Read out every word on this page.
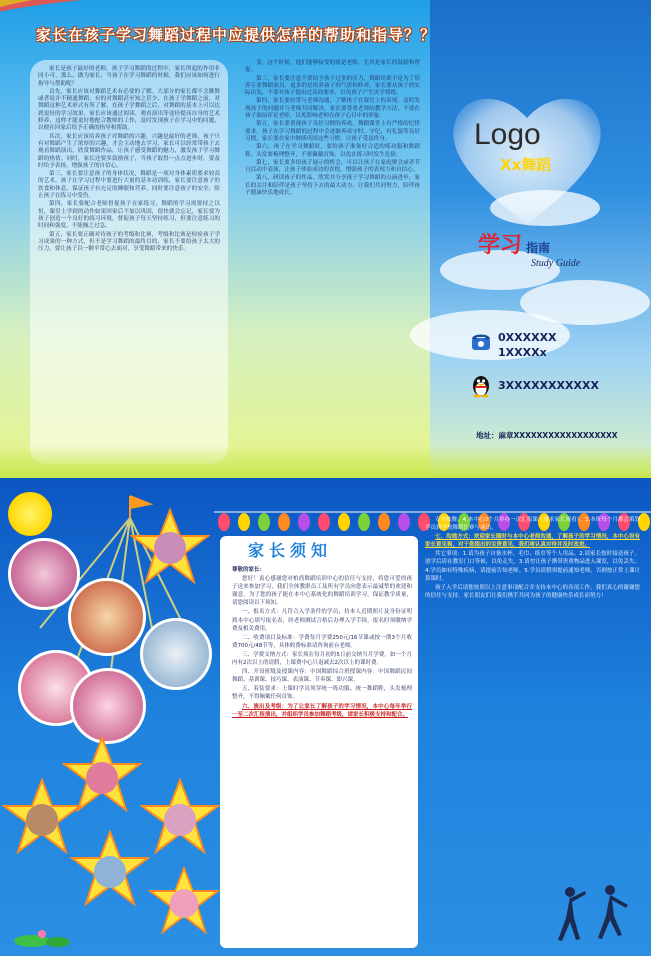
家长在孩子学习舞蹈过程中应提供怎样的帮助和指导？？

家长是孩子最好的老师，孩子学习舞蹈的过程中，家长所起的作用非同小可，那么，做为家长，当孩子在学习舞蹈的时候，我们应该如何进行指导与帮助呢？

首先，家长应该对舞蹈艺术有必要的了解。大部分的家长都不会跳舞或者说并不精通舞蹈，有的对舞蹈甚至知之甚少，在孩子学舞蹈之前，对舞蹈这种艺术形式有所了解，在孩子学舞蹈之后，对舞蹈的基本上可以达到更好的学习效果，家长应该通过阅读、观看演出等途径提高自身的艺术修养，这样才能更好地配合教师的工作，及时发现孩子在学习中的问题，以便在回家后给予正确的指导和帮助。

其次，家长应该培养孩子对舞蹈的兴趣，兴趣是最好的老师，孩子只有对舞蹈产生了浓厚的兴趣，才会主动地去学习，家长可以经常带孩子去观看舞蹈演出，欣赏舞蹈作品，让孩子感受舞蹈的魅力，激发孩子学习舞蹈的热情。同时，家长还要多鼓励孩子，当孩子取得一点点进步时，要及时给予表扬，增强孩子的自信心。

第三，家长要注意孩子的身体状况，舞蹈是一项对身体素质要求较高的艺术，孩子在学习过程中要进行大量的基本功训练，家长要注意孩子的饮食和休息，保证孩子有充足的睡眠和营养，同时要注意孩子的安全，防止孩子在练习中受伤。

第四，家长要配合老师督促孩子在家练习，舞蹈的学习需要持之以恒，课堂上学到的动作如果回家后不加以巩固，很快就会忘记，家长要为孩子创造一个良好的练习环境，督促孩子每天坚持练习，但要注意练习的时间和强度，不能操之过急。

第五，家长要正确对待孩子的考级和比赛，考级和比赛是检验孩子学习成果的一种方式，但不是学习舞蹈的最终目的，家长不要给孩子太大的压力，要让孩子以一颗平常心去面对，享受舞蹈带来的快乐。

变，这个时候，他们能够接受的就是老师，尤其是家长的鼓励和督促。

第三，家长要注意不要给予孩子过多的压力，舞蹈培训不是为了培养专业舞蹈演员，更多的是培养孩子的气质和修养，家长要从孩子的实际出发，不要对孩子提出过高的要求，以免孩子产生厌学情绪。

第四，家长要经常与老师沟通，了解孩子在课堂上的表现，及时发现孩子的问题并与老师共同解决，家长要尊重老师的教学方法，不要在孩子面前评论老师，以免影响老师在孩子心目中的形象。

第五，家长要重视孩子良好习惯的养成，舞蹈课堂上有严格的纪律要求，孩子在学习舞蹈的过程中会逐渐养成守时、守纪、有礼貌等良好习惯，家长要在家中继续巩固这些习惯，让孩子受益终身。

第六，孩子在学习舞蹈时，要给孩子准备好合适的练功服和舞蹈鞋，头发要梳理整齐，不要佩戴首饰，以免在练习时发生危险。

第七，家长要多给孩子展示的机会，可以让孩子在家庭聚会或者节日活动中表演，让孩子体验成功的喜悦，增强孩子的表现力和自信心。

第八，研读孩子的作品，欣赏并分享孩子学习舞蹈的点滴进步，家长的关注和陪伴是孩子坚持下去的最大动力，让我们共同努力，陪伴孩子健康快乐地成长。

Logo
Xx舞蹈
学习 指南
Study Guide
0XXXXXX
1XXXXx
3XXXXXXXXXXX
地址：麻章XXXXXXXXXXXXXXXXXX
家长须知

尊敬的家长：

您好！衷心感谢您对柏尚舞蹈培训中心的信任与支持，将您可爱的孩子送来参加学习，我们全体教职员工及所有学员向您表示最诚挚的欢迎和谢意。为了您的孩子能在本中心系统化的舞蹈培训学习，保证教学质量，请您阅读以下须知。

一、报名方式：凡符合入学条件的学员，持本人近期照片及身份证明到本中心填写报名表，经老师测试合格后办理入学手续，报名时须缴纳学费及相关费用。

二、收费项目及标准：学费每月学费250元/16节课或按一期3个月收费700元/48节等，具体收费标准请咨询前台老师。

三、学费交纳方式：家长须在每月初的5日前交纳当月学费，如一个月内有2次以上的请假，上课费中心只退减去2次以上的课时费。

四、开设班级及授课内容：中国舞蹈综合班授课内容：中国舞蹈民间舞蹈、基训课、技巧课、表演课、节奏课、即兴课。

五、着装要求：上课时学员须穿统一练功服、统一舞蹈鞋，头发梳理整齐，不得佩戴任何首饰。

六、演出及考级：为了让家长了解孩子的学习情况，本中心每年举行一至二次汇报演出，并组织学员参加舞蹈考级，请家长积极支持和配合。

专场独舞。4.本中心3个月举办一次汇报课（要求家长观看）。5.本班每个月都会策划学员到学校舞蹈比赛与演出。

七、沟通方式：欢迎家长随时与本中心老师沟通，了解孩子的学习情况，本中心设有家长意见箱，对于您提出的宝贵意见，我们将认真对待并及时改进。

其它事项：1.请为孩子自备水杯、毛巾、纸巾等个人用品。2.请家长按时接送孩子，放学后请在教室门口等候，以免走失。3.请勿让孩子携带贵重物品进入课室，以免丢失。4.学员如有特殊疾病，请提前告知老师。5.学员请假须提前通知老师，否则按正常上课计算课时。

孩子入学后请您按照以上注意事项配合并支持本中心的各项工作，我们真心的谢谢您的信任与支持，家长朋友们让我们携手共同为孩子的健康快乐成长而努力！
